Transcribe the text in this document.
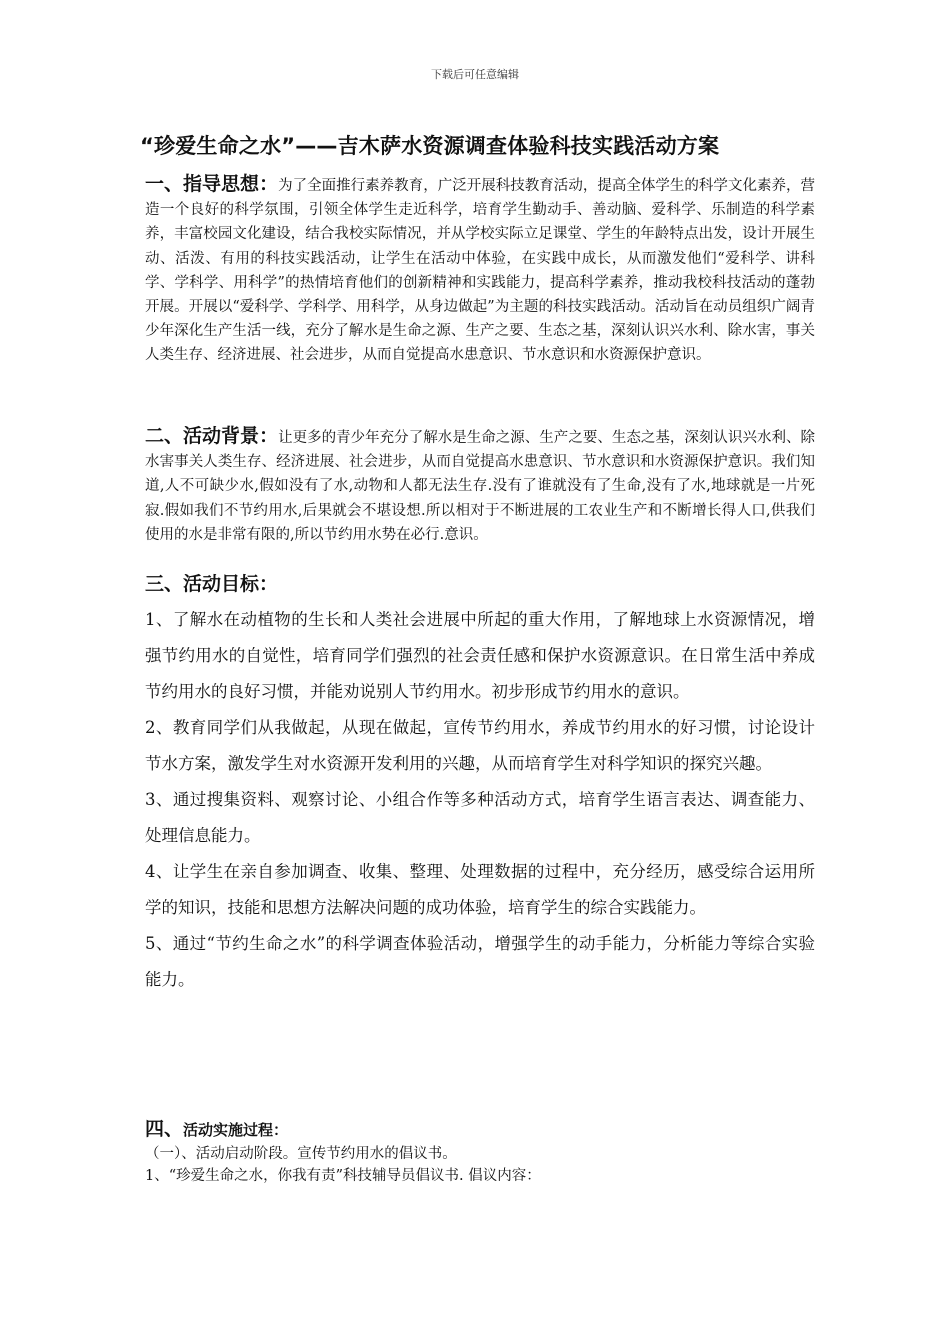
下载后可任意编辑
“珍爱生命之水”——吉木萨水资源调查体验科技实践活动方案

一、指导思想：为了全面推行素养教育，广泛开展科技教育活动，提高全体学生的科学文化素养，营造一个良好的科学氛围，引领全体学生走近科学，培育学生勤动手、善动脑、爱科学、乐制造的科学素养，丰富校园文化建设，结合我校实际情况，并从学校实际立足课堂、学生的年龄特点出发，设计开展生动、活泼、有用的科技实践活动，让学生在活动中体验，在实践中成长，从而激发他们“爱科学、讲科学、学科学、用科学”的热情培育他们的创新精神和实践能力，提高科学素养，推动我校科技活动的蓬勃开展。开展以“爱科学、学科学、用科学，从身边做起”为主题的科技实践活动。活动旨在动员组织广阔青少年深化生产生活一线，充分了解水是生命之源、生产之要、生态之基，深刻认识兴水利、除水害，事关人类生存、经济进展、社会进步，从而自觉提高水患意识、节水意识和水资源保护意识。

二、活动背景：让更多的青少年充分了解水是生命之源、生产之要、生态之基，深刻认识兴水利、除水害事关人类生存、经济进展、社会进步，从而自觉提高水患意识、节水意识和水资源保护意识。我们知道,人不可缺少水,假如没有了水,动物和人都无法生存.没有了谁就没有了生命,没有了水,地球就是一片死寂.假如我们不节约用水,后果就会不堪设想.所以相对于不断进展的工农业生产和不断增长得人口,供我们使用的水是非常有限的,所以节约用水势在必行.意识。

三、活动目标：

1、了解水在动植物的生长和人类社会进展中所起的重大作用，了解地球上水资源情况，增强节约用水的自觉性，培育同学们强烈的社会责任感和保护水资源意识。在日常生活中养成节约用水的良好习惯，并能劝说别人节约用水。初步形成节约用水的意识。

2、教育同学们从我做起，从现在做起，宣传节约用水，养成节约用水的好习惯，讨论设计节水方案，激发学生对水资源开发利用的兴趣，从而培育学生对科学知识的探究兴趣。

3、通过搜集资料、观察讨论、小组合作等多种活动方式，培育学生语言表达、调查能力、处理信息能力。

4、让学生在亲自参加调查、收集、整理、处理数据的过程中，充分经历，感受综合运用所学的知识，技能和思想方法解决问题的成功体验，培育学生的综合实践能力。

5、通过“节约生命之水”的科学调查体验活动，增强学生的动手能力，分析能力等综合实验能力。

四、活动实施过程：

（一）、活动启动阶段。宣传节约用水的倡议书。

1、“珍爱生命之水，你我有责”科技辅导员倡议书. 倡议内容：
